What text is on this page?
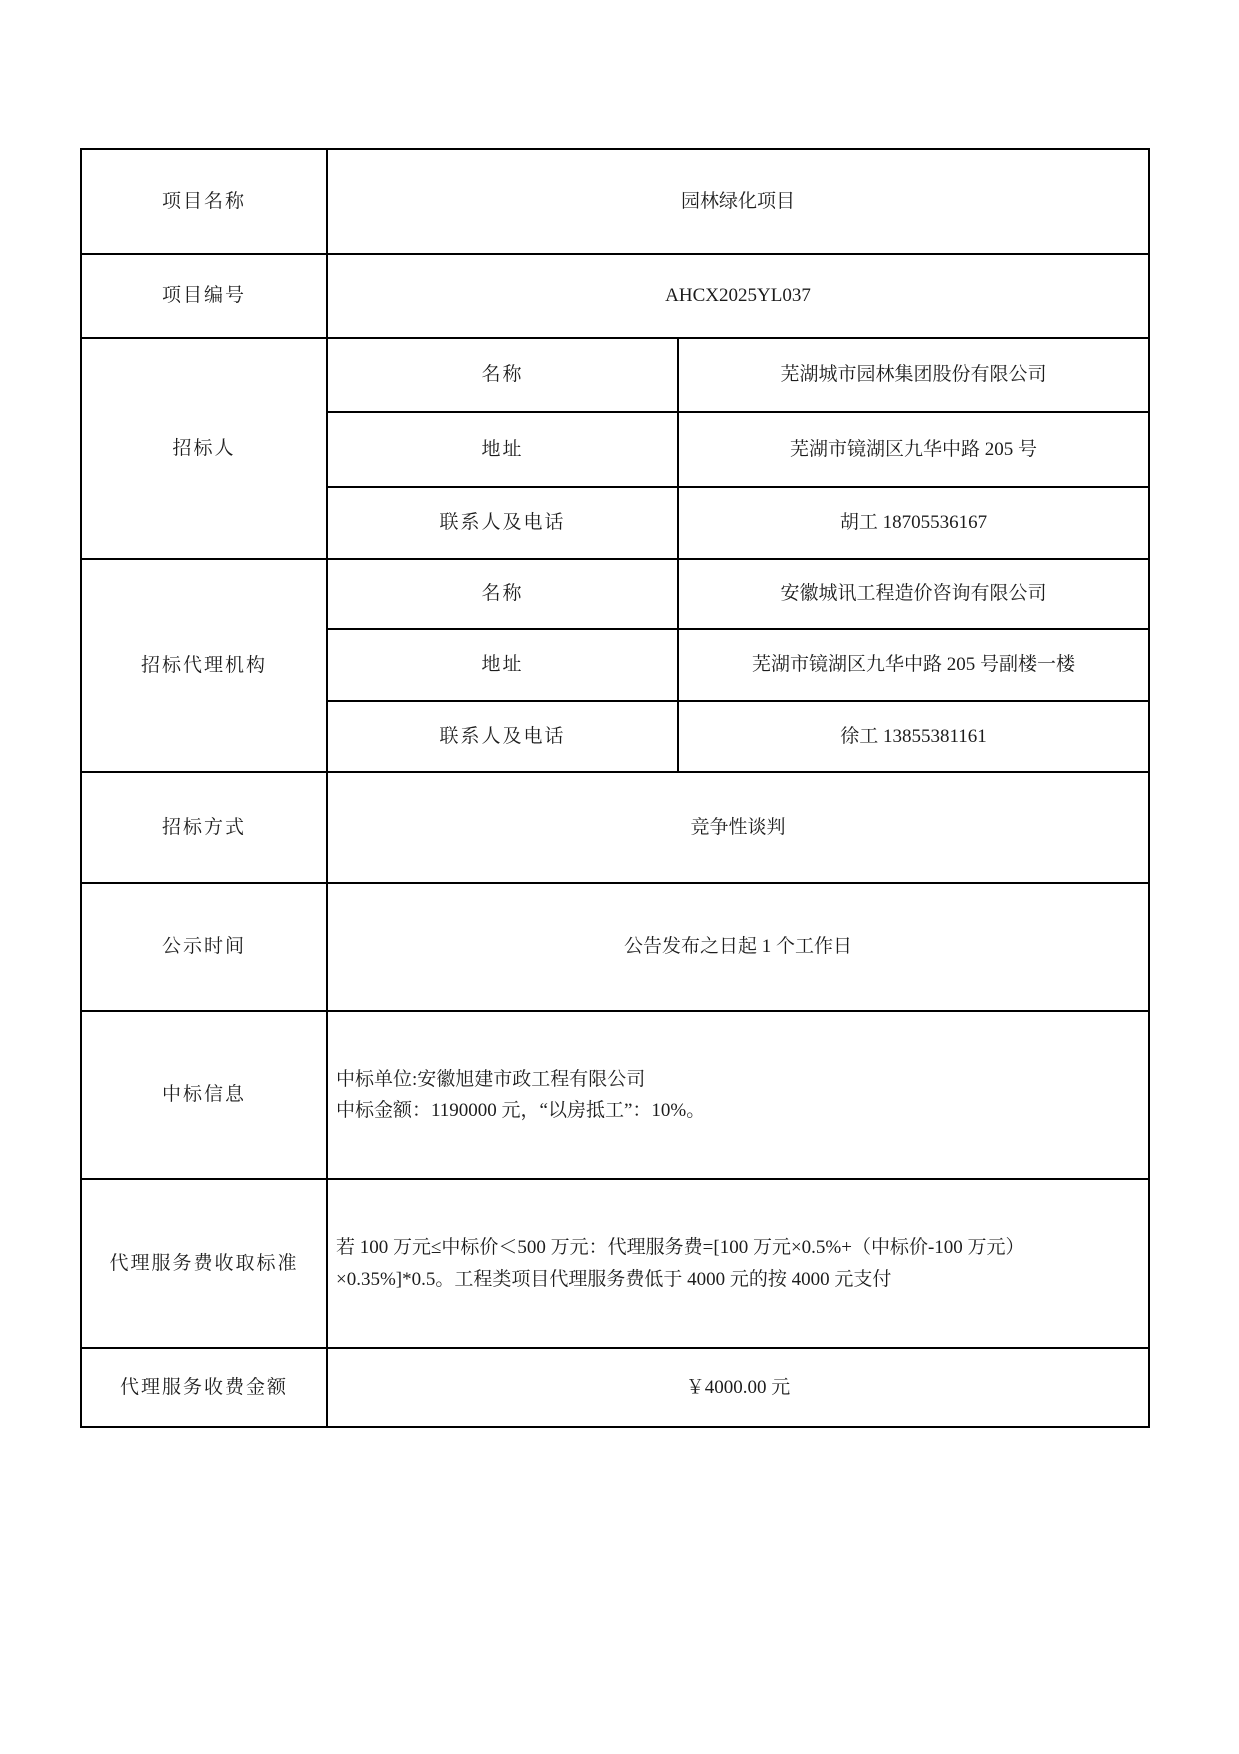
项目名称	园林绿化项目	
项目编号	AHCX2025YL037	
招标人	名称	芜湖城市园林集团股份有限公司
	地址	芜湖市镜湖区九华中路 205 号
	联系人及电话	胡工 18705536167
招标代理机构	名称	安徽城讯工程造价咨询有限公司
	地址	芜湖市镜湖区九华中路 205 号副楼一楼
	联系人及电话	徐工 13855381161
招标方式	竞争性谈判	
公示时间	公告发布之日起 1 个工作日	
中标信息	中标单位:安徽旭建市政工程有限公司
中标金额：1190000 元，“以房抵工”：10%。	

代理服务费收取标准	若 100 万元≤中标价＜500 万元：代理服务费=[100 万元×0.5%+（中标价-100 万元）×0.35%]*0.5。工程类项目代理服务费低于 4000 元的按 4000 元支付	
代理服务收费金额	￥4000.00 元	
